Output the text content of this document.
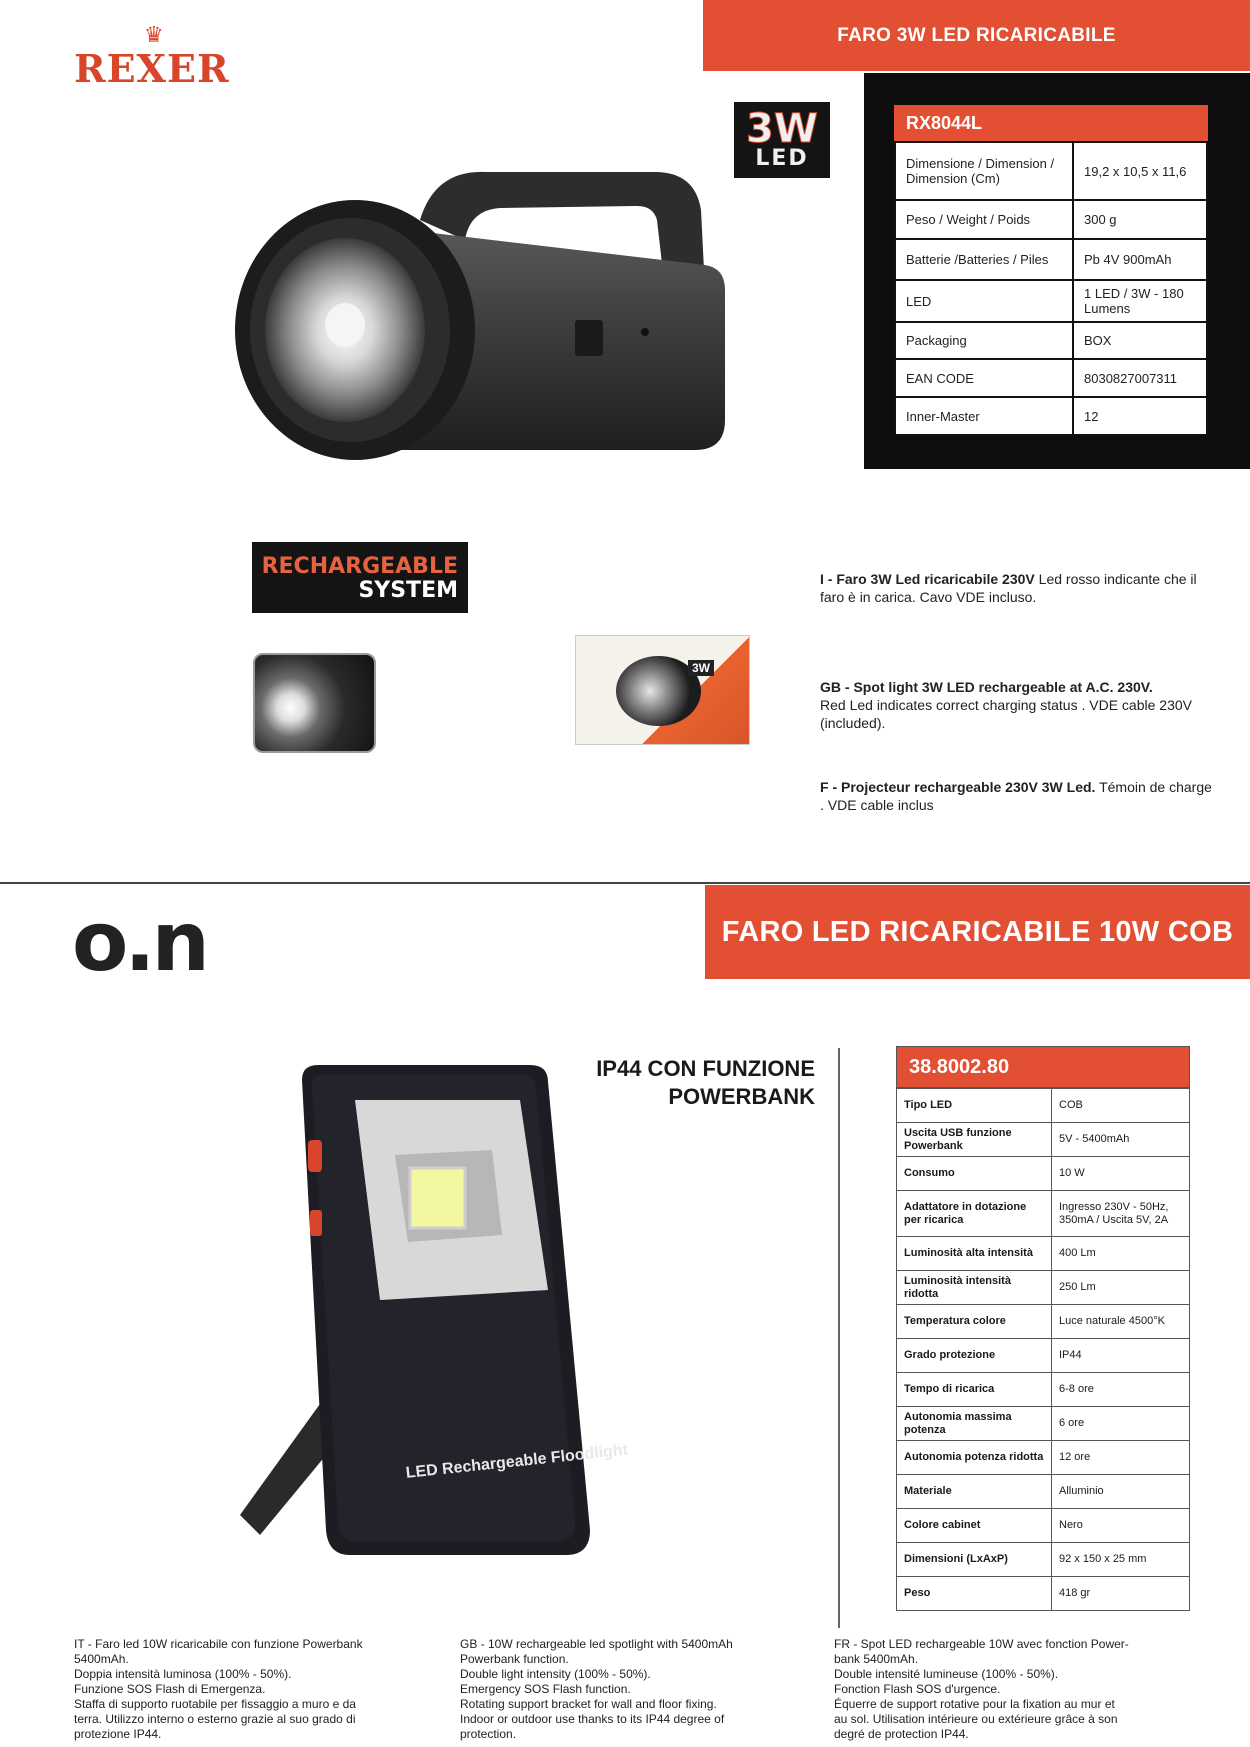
♛
REXER
FARO 3W LED RICARICABILE
3W
LED
RX8044L
Dimensione / Dimension / Dimension (Cm)	19,2 x 10,5 x 11,6
Peso / Weight / Poids	300 g
Batterie /Batteries / Piles	Pb 4V 900mAh
LED	1 LED / 3W - 180 Lumens
Packaging	BOX
EAN CODE	8030827007311
Inner-Master	12
RECHARGEABLE
SYSTEM
3W
I - Faro 3W Led ricaricabile 230V Led rosso indicante che il faro è in carica. Cavo VDE incluso.
GB - Spot light 3W LED rechargeable at A.C. 230V.
Red Led indicates correct charging status . VDE cable 230V (included).
F - Projecteur rechargeable 230V 3W Led. Témoin de charge . VDE cable inclus
o.n	FARO LED RICARICABILE 10W COB
IP44 CON FUNZIONE
POWERBANK
LED Rechargeable Floodlight
38.8002.80
Tipo LED	COB
Uscita USB funzione Powerbank	5V - 5400mAh
Consumo	10 W
Adattatore in dotazione per ricarica	Ingresso 230V - 50Hz, 350mA / Uscita 5V, 2A
Luminosità alta intensità	400 Lm
Luminosità intensità ridotta	250 Lm
Temperatura colore	Luce naturale 4500°K
Grado protezione	IP44
Tempo di ricarica	6-8 ore
Autonomia massima potenza	6 ore
Autonomia potenza ridotta	12 ore
Materiale	Alluminio
Colore cabinet	Nero
Dimensioni (LxAxP)	92 x 150 x 25 mm
Peso	418 gr
IT - Faro led 10W ricaricabile con funzione Powerbank
5400mAh.
Doppia intensità luminosa (100% - 50%).
Funzione SOS Flash di Emergenza.
Staffa di supporto ruotabile per fissaggio a muro e da
terra. Utilizzo interno o esterno grazie al suo grado di
protezione IP44.
GB - 10W rechargeable led spotlight with 5400mAh
Powerbank function.
Double light intensity (100% - 50%).
Emergency SOS Flash function.
Rotating support bracket for wall and floor fixing.
Indoor or outdoor use thanks to its IP44 degree of
protection.
FR - Spot LED rechargeable 10W avec fonction Power-
bank 5400mAh.
Double intensité lumineuse (100% - 50%).
Fonction Flash SOS d'urgence.
Équerre de support rotative pour la fixation au mur et
au sol. Utilisation intérieure ou extérieure grâce à son
degré de protection IP44.
